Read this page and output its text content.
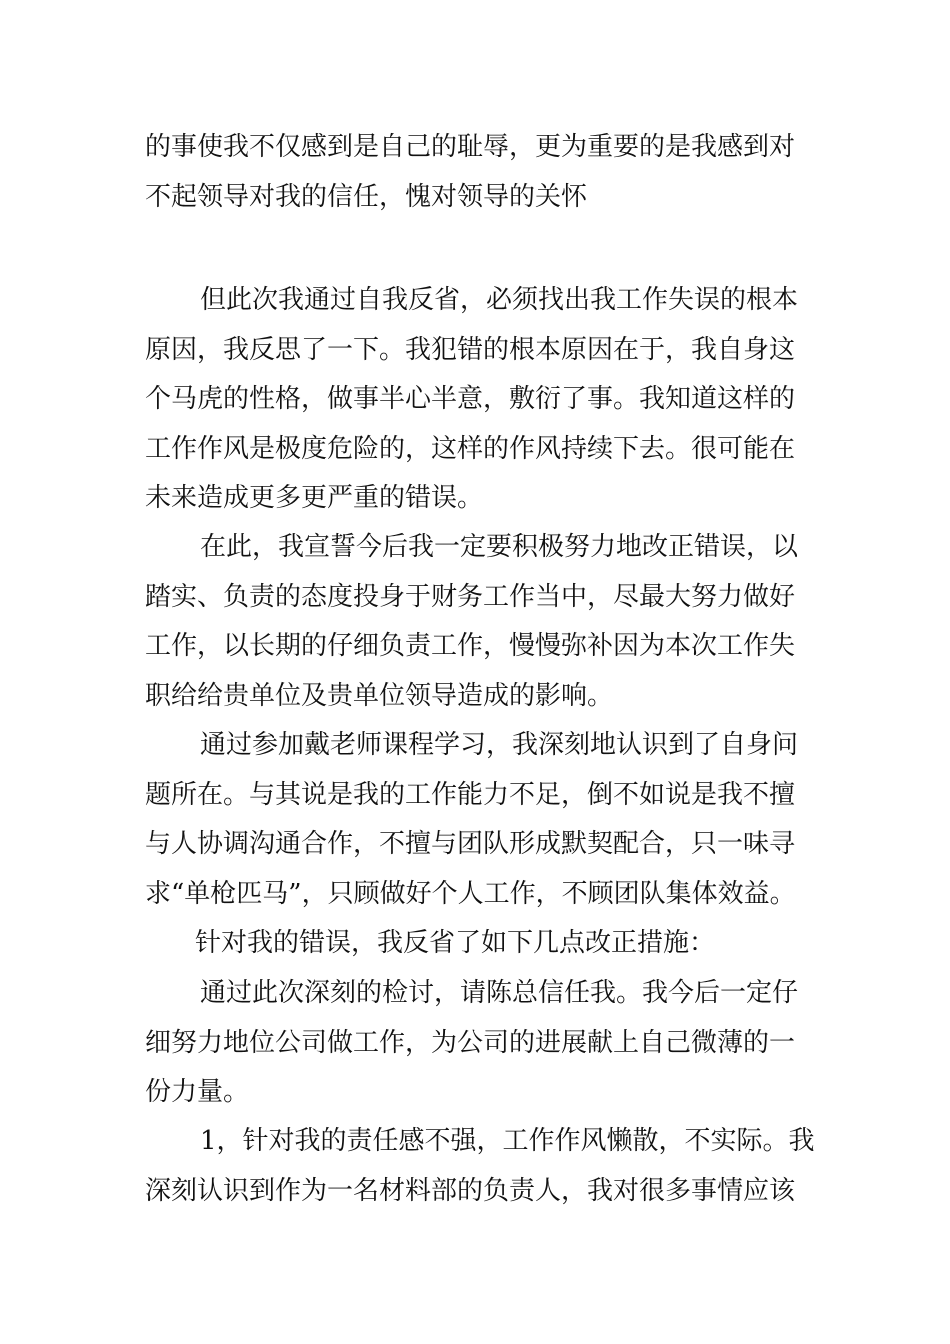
的事使我不仅感到是自己的耻辱，更为重要的是我感到对
不起领导对我的信任，愧对领导的关怀
但此次我通过自我反省，必须找出我工作失误的根本
原因，我反思了一下。我犯错的根本原因在于，我自身这
个马虎的性格，做事半心半意，敷衍了事。我知道这样的
工作作风是极度危险的，这样的作风持续下去。很可能在
未来造成更多更严重的错误。
在此，我宣誓今后我一定要积极努力地改正错误，以
踏实、负责的态度投身于财务工作当中，尽最大努力做好
工作，以长期的仔细负责工作，慢慢弥补因为本次工作失
职给给贵单位及贵单位领导造成的影响。
通过参加戴老师课程学习，我深刻地认识到了自身问
题所在。与其说是我的工作能力不足，倒不如说是我不擅
与人协调沟通合作，不擅与团队形成默契配合，只一味寻
求“单枪匹马”，只顾做好个人工作，不顾团队集体效益。
针对我的错误，我反省了如下几点改正措施：
通过此次深刻的检讨，请陈总信任我。我今后一定仔
细努力地位公司做工作，为公司的进展献上自己微薄的一
份力量。
1，针对我的责任感不强，工作作风懒散，不实际。我
深刻认识到作为一名材料部的负责人，我对很多事情应该
